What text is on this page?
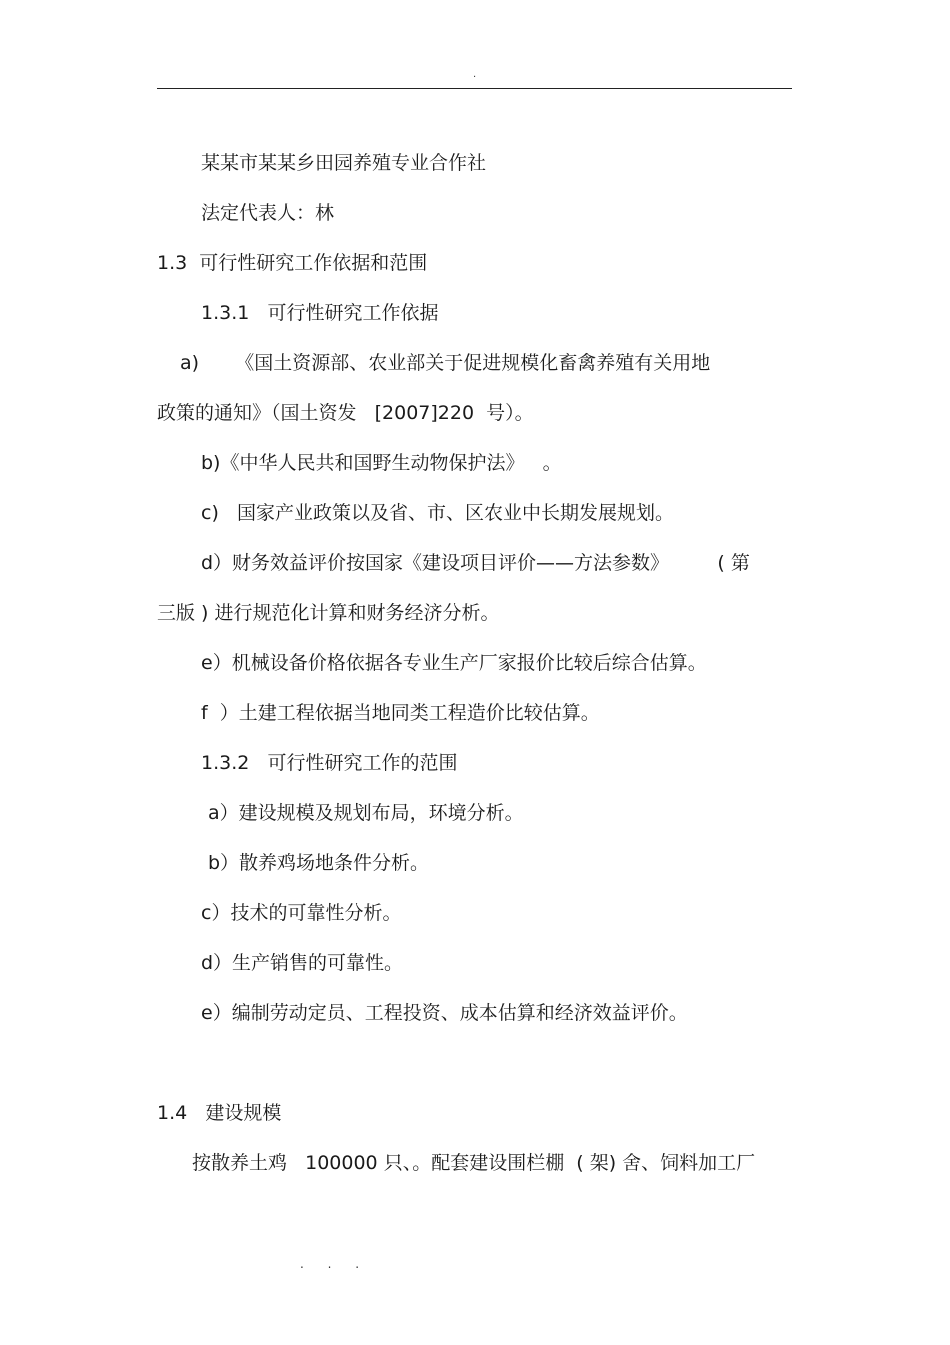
.
某某市某某乡田园养殖专业合作社
法定代表人：林
1.3  可行性研究工作依据和范围
1.3.1   可行性研究工作依据
a)      《国土资源部、农业部关于促进规模化畜禽养殖有关用地
政策的通知》（国土资发   [2007]220  号）。
b)《中华人民共和国野生动物保护法》   。
c)   国家产业政策以及省、市、区农业中长期发展规划。
d）财务效益评价按国家《建设项目评价——方法参数》        ( 第
三版 ) 进行规范化计算和财务经济分析。
e）机械设备价格依据各专业生产厂家报价比较后综合估算。
f  ）土建工程依据当地同类工程造价比较估算。
1.3.2   可行性研究工作的范围
a）建设规模及规划布局，环境分析。
b）散养鸡场地条件分析。
c）技术的可靠性分析。
d）生产销售的可靠性。
e）编制劳动定员、工程投资、成本估算和经济效益评价。
1.4   建设规模
按散养土鸡   100000 只、。配套建设围栏棚  ( 架) 舍、饲料加工厂
. . .
